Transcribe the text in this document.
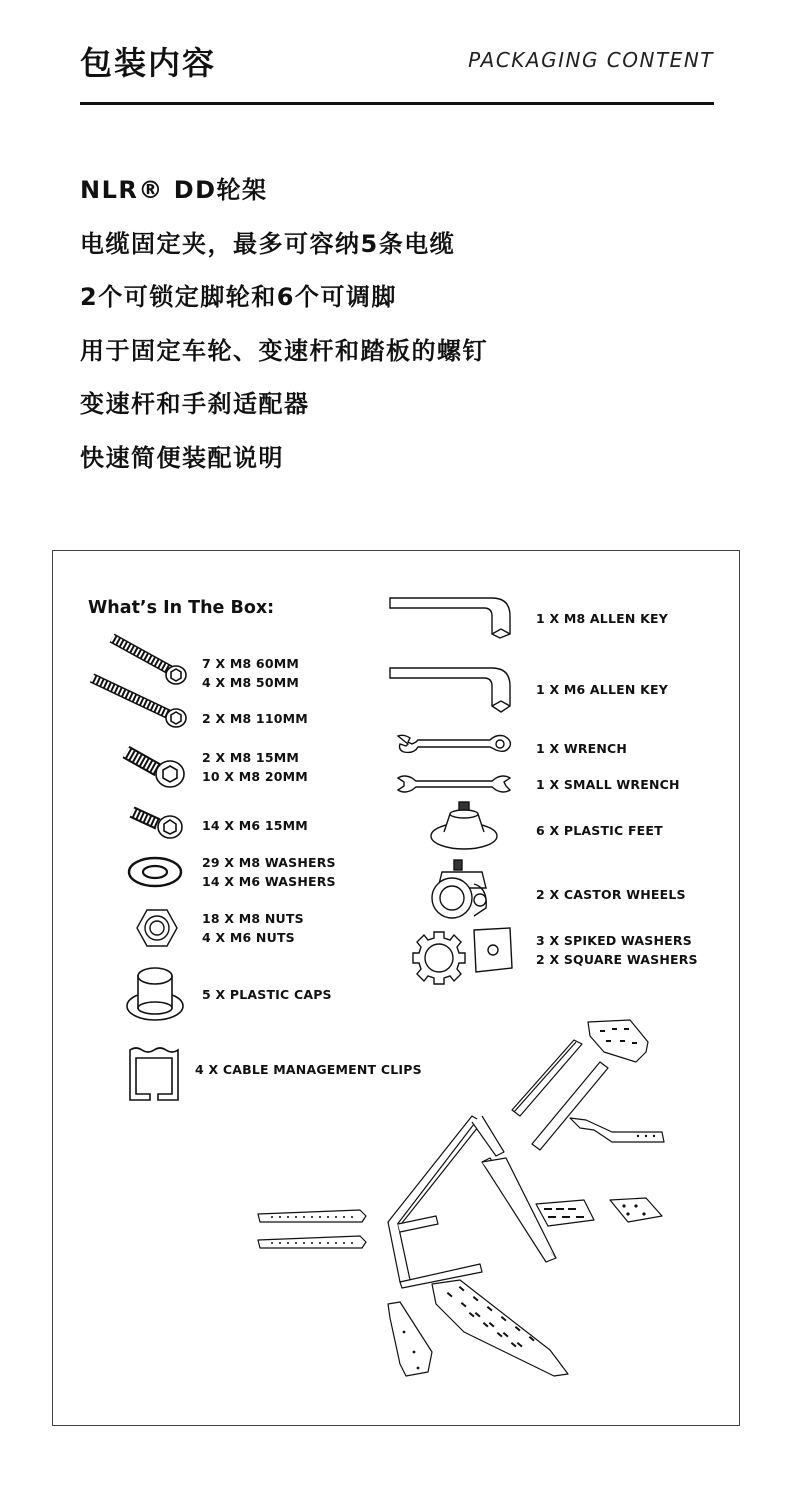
包装内容	PACKAGING CONTENT
NLR® DD轮架
电缆固定夹，最多可容纳5条电缆
2个可锁定脚轮和6个可调脚
用于固定车轮、变速杆和踏板的螺钉
变速杆和手刹适配器
快速简便装配说明
What’s In The Box:
7 X M8 60MM
4 X M8 50MM
2 X M8 110MM
2 X M8 15MM
10 X M8 20MM
14 X M6 15MM
29 X M8 WASHERS
14 X M6 WASHERS
18 X M8 NUTS
4 X M6 NUTS
5 X PLASTIC CAPS
4 X CABLE MANAGEMENT CLIPS
1 X M8 ALLEN KEY
1 X M6 ALLEN KEY
1 X WRENCH
1 X SMALL WRENCH
6 X PLASTIC FEET
2 X CASTOR WHEELS
3 X SPIKED WASHERS
2 X SQUARE WASHERS
